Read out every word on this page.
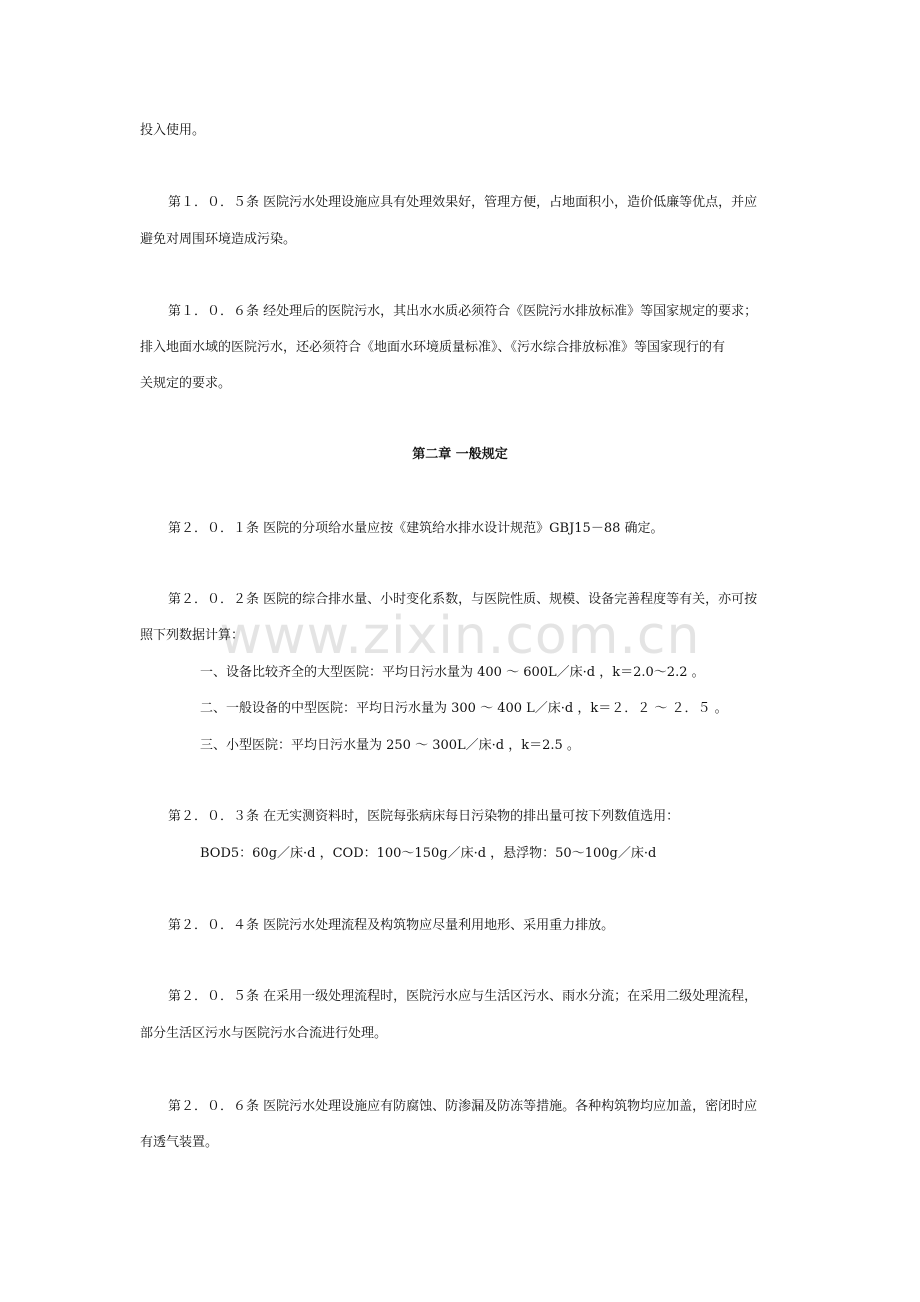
www.zixin.com.cn
投入使用。
第１．０．５条 医院污水处理设施应具有处理效果好，管理方便，占地面积小，造价低廉等优点，并应
避免对周围环境造成污染。
第１．０．６条 经处理后的医院污水，其出水水质必须符合《医院污水排放标准》等国家规定的要求；
排入地面水域的医院污水，还必须符合《地面水环境质量标准》、《污水综合排放标准》等国家现行的有
关规定的要求。
第二章 一般规定
第２．０．１条 医院的分项给水量应按《建筑给水排水设计规范》GBJ15－88 确定。
第２．０．２条 医院的综合排水量、小时变化系数，与医院性质、规模、设备完善程度等有关，亦可按
照下列数据计算：
一、设备比较齐全的大型医院：平均日污水量为 400 ～ 600L／床·d ，k＝2.0～2.2 。
二、一般设备的中型医院：平均日污水量为 300 ～ 400 L／床·d ，k＝２．２ ～ ２．５ 。
三、小型医院：平均日污水量为 250 ～ 300L／床·d ，k＝2.5 。
第２．０．３条 在无实测资料时，医院每张病床每日污染物的排出量可按下列数值选用：
BOD5：60g／床·d ，COD：100～150g／床·d ，悬浮物：50～100g／床·d
第２．０．４条 医院污水处理流程及构筑物应尽量利用地形、采用重力排放。
第２．０．５条 在采用一级处理流程时，医院污水应与生活区污水、雨水分流；在采用二级处理流程，
部分生活区污水与医院污水合流进行处理。
第２．０．６条 医院污水处理设施应有防腐蚀、防渗漏及防冻等措施。各种构筑物均应加盖，密闭时应
有透气装置。
